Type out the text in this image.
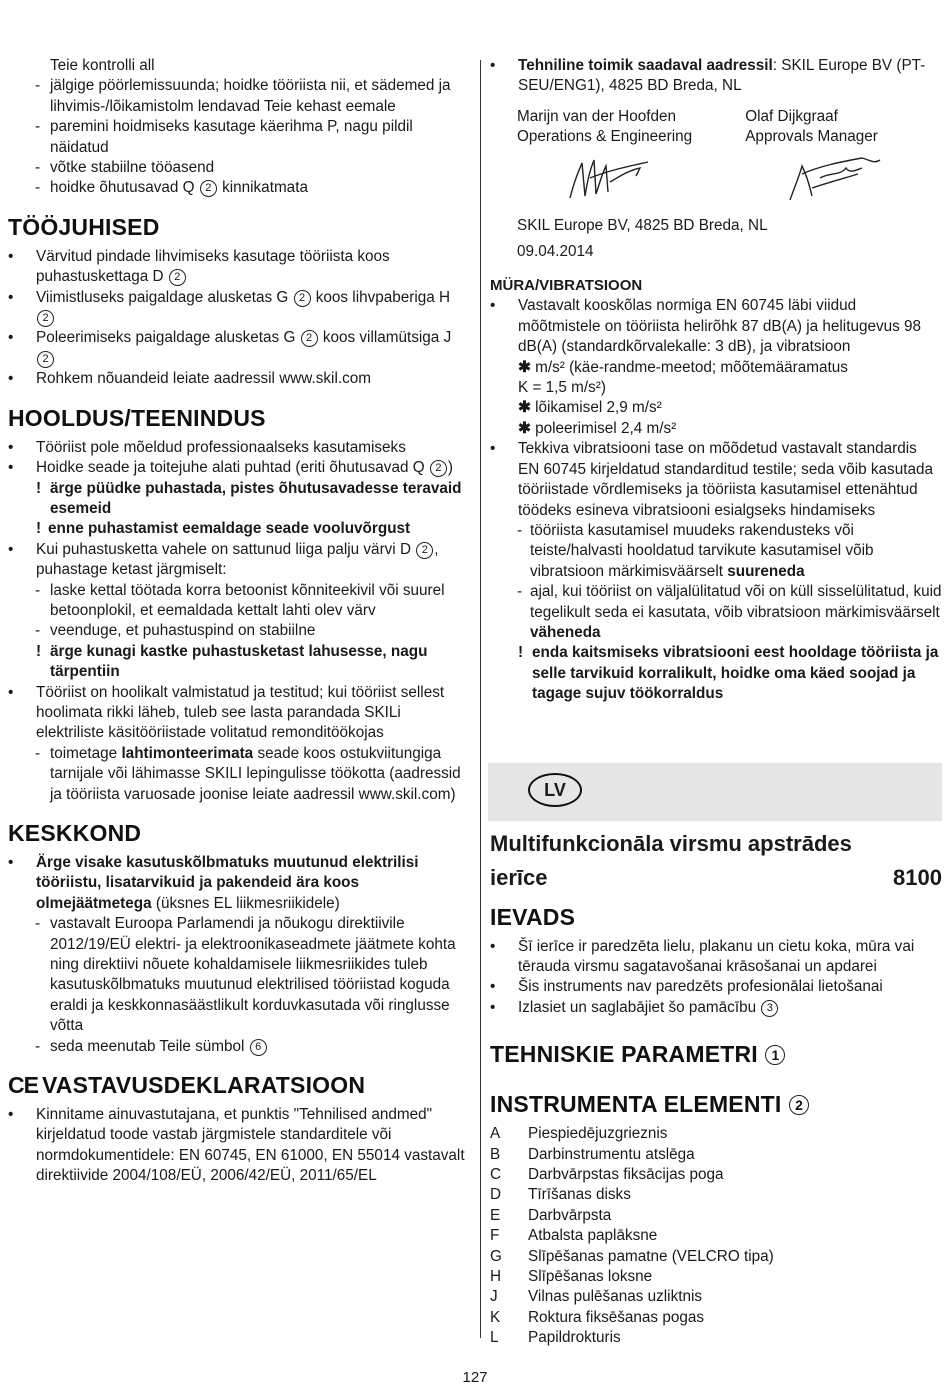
Teie kontrolli all
- jälgige pöörlemissuunda; hoidke tööriista nii, et sädemed ja lihvimis-/lõikamistolm lendavad Teie kehast eemale
- paremini hoidmiseks kasutage käerihma P, nagu pildil näidatud
- võtke stabiilne tööasend
- hoidke õhutusavad Q 2 kinnikatmata
TÖÖJUHISED
• Värvitud pindade lihvimiseks kasutage tööriista koos puhastuskettaga D 2
• Viimistluseks paigaldage alusketas G 2 koos lihvpaberiga H 2
• Poleerimiseks paigaldage alusketas G 2 koos villamütsiga J 2
• Rohkem nõuandeid leiate aadressil www.skil.com
HOOLDUS/TEENINDUS
• Tööriist pole mõeldud professionaalseks kasutamiseks
• Hoidke seade ja toitejuhe alati puhtad (eriti õhutusavad Q 2 )
! ärge püüdke puhastada, pistes õhutusavadesse teravaid esemeid
! enne puhastamist eemaldage seade vooluvõrgust
• Kui puhastusketta vahele on sattunud liiga palju värvi D 2 , puhastage ketast järgmiselt:
- laske kettal töötada korra betoonist kõnniteekivil või suurel betoonplokil, et eemaldada kettalt lahti olev värv
- veenduge, et puhastuspind on stabiilne
! ärge kunagi kastke puhastusketast lahusesse, nagu tärpentiin
• Tööriist on hoolikalt valmistatud ja testitud; kui tööriist sellest hoolimata rikki läheb, tuleb see lasta parandada SKILi elektriliste käsitööriistade volitatud remonditöökojas
- toimetage lahtimonteerimata seade koos ostukviitungiga tarnijale või lähimasse SKILI lepingulisse töökotta (aadressid ja tööriista varuosade joonise leiate aadressil www.skil.com)
KESKKOND
• Ärge visake kasutuskõlbmatuks muutunud elektrilisi tööriistu, lisatarvikuid ja pakendeid ära koos olmejäätmetega (üksnes EL liikmesriikidele)
- vastavalt Euroopa Parlamendi ja nõukogu direktiivile 2012/19/EÜ elektri- ja elektroonikaseadmete jäätmete kohta ning direktiivi nõuete kohaldamisele liikmesriikides tuleb kasutuskõlbmatuks muutunud elektrilised tööriistad koguda eraldi ja keskkonnasäästlikult korduvkasutada või ringlusse võtta
- seda meenutab Teile sümbol 6
CE VASTAVUSDEKLARATSIOON
• Kinnitame ainuvastutajana, et punktis "Tehnilised andmed" kirjeldatud toode vastab järgmistele standarditele või normdokumentidele: EN 60745, EN 61000, EN 55014 vastavalt direktiivide 2004/108/EÜ, 2006/42/EÜ, 2011/65/EL
• Tehniline toimik saadaval aadressil: SKIL Europe BV (PT-SEU/ENG1), 4825 BD Breda, NL
Marijn van der Hoofden
Operations & Engineering
Olaf Dijkgraaf
Approvals Manager
SKIL Europe BV, 4825 BD Breda, NL
09.04.2014
MÜRA/VIBRATSIOON
• Vastavalt kooskõlas normiga EN 60745 läbi viidud mõõtmistele on tööriista helirõhk 87 dB(A) ja helitugevus 98 dB(A) (standardkõrvalekalle: 3 dB), ja vibratsioon
✱ m/s² (käe-randme-meetod; mõõtemääramatus
K = 1,5 m/s²)
✱ lõikamisel 2,9 m/s²
✱ poleerimisel 2,4 m/s²
• Tekkiva vibratsiooni tase on mõõdetud vastavalt standardis EN 60745 kirjeldatud standarditud testile; seda võib kasutada tööriistade võrdlemiseks ja tööriista kasutamisel ettenähtud töödeks esineva vibratsiooni esialgseks hindamiseks
- tööriista kasutamisel muudeks rakendusteks või teiste/halvasti hooldatud tarvikute kasutamisel võib vibratsioon märkimisväärselt suureneda
- ajal, kui tööriist on väljalülitatud või on küll sisselülitatud, kuid tegelikult seda ei kasutata, võib vibratsioon märkimisväärselt väheneda
! enda kaitsmiseks vibratsiooni eest hooldage tööriista ja selle tarvikuid korralikult, hoidke oma käed soojad ja tagage sujuv töökorraldus
LV
Multifunkcionāla virsmu apstrādes
ierīce	8100
IEVADS
• Šī ierīce ir paredzēta lielu, plakanu un cietu koka, mūra vai tērauda virsmu sagatavošanai krāsošanai un apdarei
• Šis instruments nav paredzēts profesionālai lietošanai
• Izlasiet un saglabājiet šo pamācību 3
TEHNISKIE PARAMETRI 1
INSTRUMENTA ELEMENTI 2
A Piespiedējuzgrieznis
B Darbinstrumentu atslēga
C Darbvārpstas fiksācijas poga
D Tīrīšanas disks
E Darbvārpsta
F Atbalsta paplāksne
G Slīpēšanas pamatne (VELCRO tipa)
H Slīpēšanas loksne
J Vilnas pulēšanas uzliktnis
K Roktura fiksēšanas pogas
L Papildrokturis
127
